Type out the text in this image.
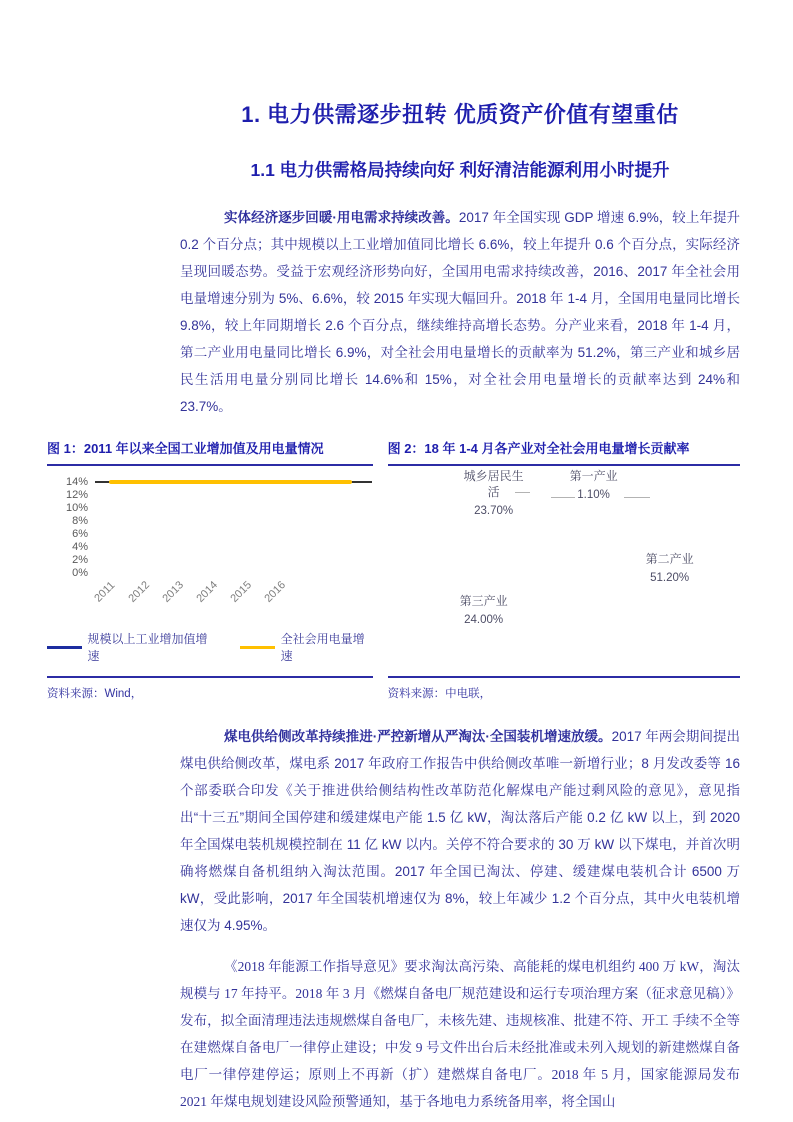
1. 电力供需逐步扭转 优质资产价值有望重估
1.1 电力供需格局持续向好 利好清洁能源利用小时提升

实体经济逐步回暖·用电需求持续改善。2017 年全国实现 GDP 增速 6.9%，较上年提升 0.2 个百分点；其中规模以上工业增加值同比增长 6.6%，较上年提升 0.6 个百分点，实际经济呈现回暖态势。受益于宏观经济形势向好，全国用电需求持续改善，2016、2017 年全社会用电量增速分别为 5%、6.6%，较 2015 年实现大幅回升。2018 年 1-4 月，全国用电量同比增长 9.8%，较上年同期增长 2.6 个百分点，继续维持高增长态势。分产业来看，2018 年 1-4 月，第二产业用电量同比增长 6.9%，对全社会用电量增长的贡献率为 51.2%，第三产业和城乡居民生活用电量分别同比增长 14.6%和 15%，对全社会用电量增长的贡献率达到 24%和 23.7%。

图 1：2011 年以来全国工业增加值及用电量情况
14%
12%
10%
8%
6%
4%
2%
0%
2011 2012 2013 2014 2015 2016
规模以上工业增加值增速
全社会用电量增速
资料来源：Wind，
图 2：18 年 1-4 月各产业对全社会用电量增长贡献率
城乡居民生活
23.70%
第一产业
1.10%
第二产业
51.20%
第三产业
24.00%
资料来源：中电联，

煤电供给侧改革持续推进·严控新增从严淘汰·全国装机增速放缓。2017 年两会期间提出煤电供给侧改革，煤电系 2017 年政府工作报告中供给侧改革唯一新增行业；8 月发改委等 16 个部委联合印发《关于推进供给侧结构性改革防范化解煤电产能过剩风险的意见》，意见指出“十三五”期间全国停建和缓建煤电产能 1.5 亿 kW，淘汰落后产能 0.2 亿 kW 以上，到 2020 年全国煤电装机规模控制在 11 亿 kW 以内。关停不符合要求的 30 万 kW 以下煤电，并首次明确将燃煤自备机组纳入淘汰范围。2017 年全国已淘汰、停建、缓建煤电装机合计 6500 万 kW，受此影响，2017 年全国装机增速仅为 8%，较上年减少 1.2 个百分点，其中火电装机增速仅为 4.95%。

《2018 年能源工作指导意见》要求淘汰高污染、高能耗的煤电机组约 400 万 kW，淘汰规模与 17 年持平。2018 年 3 月《燃煤自备电厂规范建设和运行专项治理方案（征求意见稿）》发布，拟全面清理违法违规燃煤自备电厂，未核先建、违规核准、批建不符、开工 手续不全等在建燃煤自备电厂一律停止建设；中发 9 号文件出台后未经批准或未列入规划的新建燃煤自备电厂一律停建停运；原则上不再新（扩）建燃煤自备电厂。2018 年 5 月，国家能源局发布 2021 年煤电规划建设风险预警通知，基于各地电力系统备用率，将全国山
